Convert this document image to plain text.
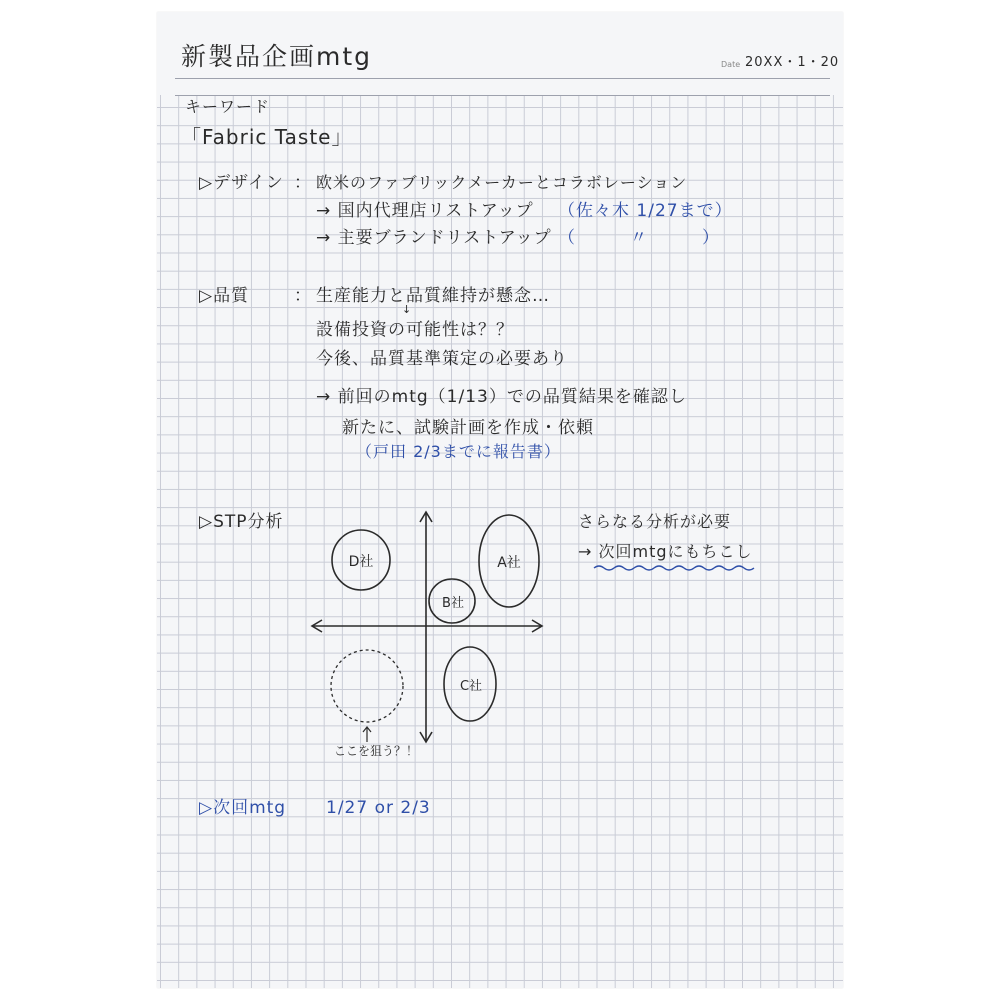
新製品企画mtg	Date 20XX・1・20
キーワード
「Fabric Taste」
▷デザイン ： 欧米のファブリックメーカーとコラボレーション
→ 国内代理店リストアップ （佐々木 1/27まで）
→ 主要ブランドリストアップ （　　　〃　　　）
▷品質	： 生産能力と品質維持が懸念…
↓
設備投資の可能性は？？
今後、品質基準策定の必要あり
→ 前回のmtg（1/13）での品質結果を確認し
新たに、試験計画を作成・依頼
（戸田 2/3までに報告書）
▷STP分析	さらなる分析が必要
→ 次回mtgにもちこし
D社	A社
B社
C社
ここを狙う？！
▷次回mtg 1/27 or 2/3
